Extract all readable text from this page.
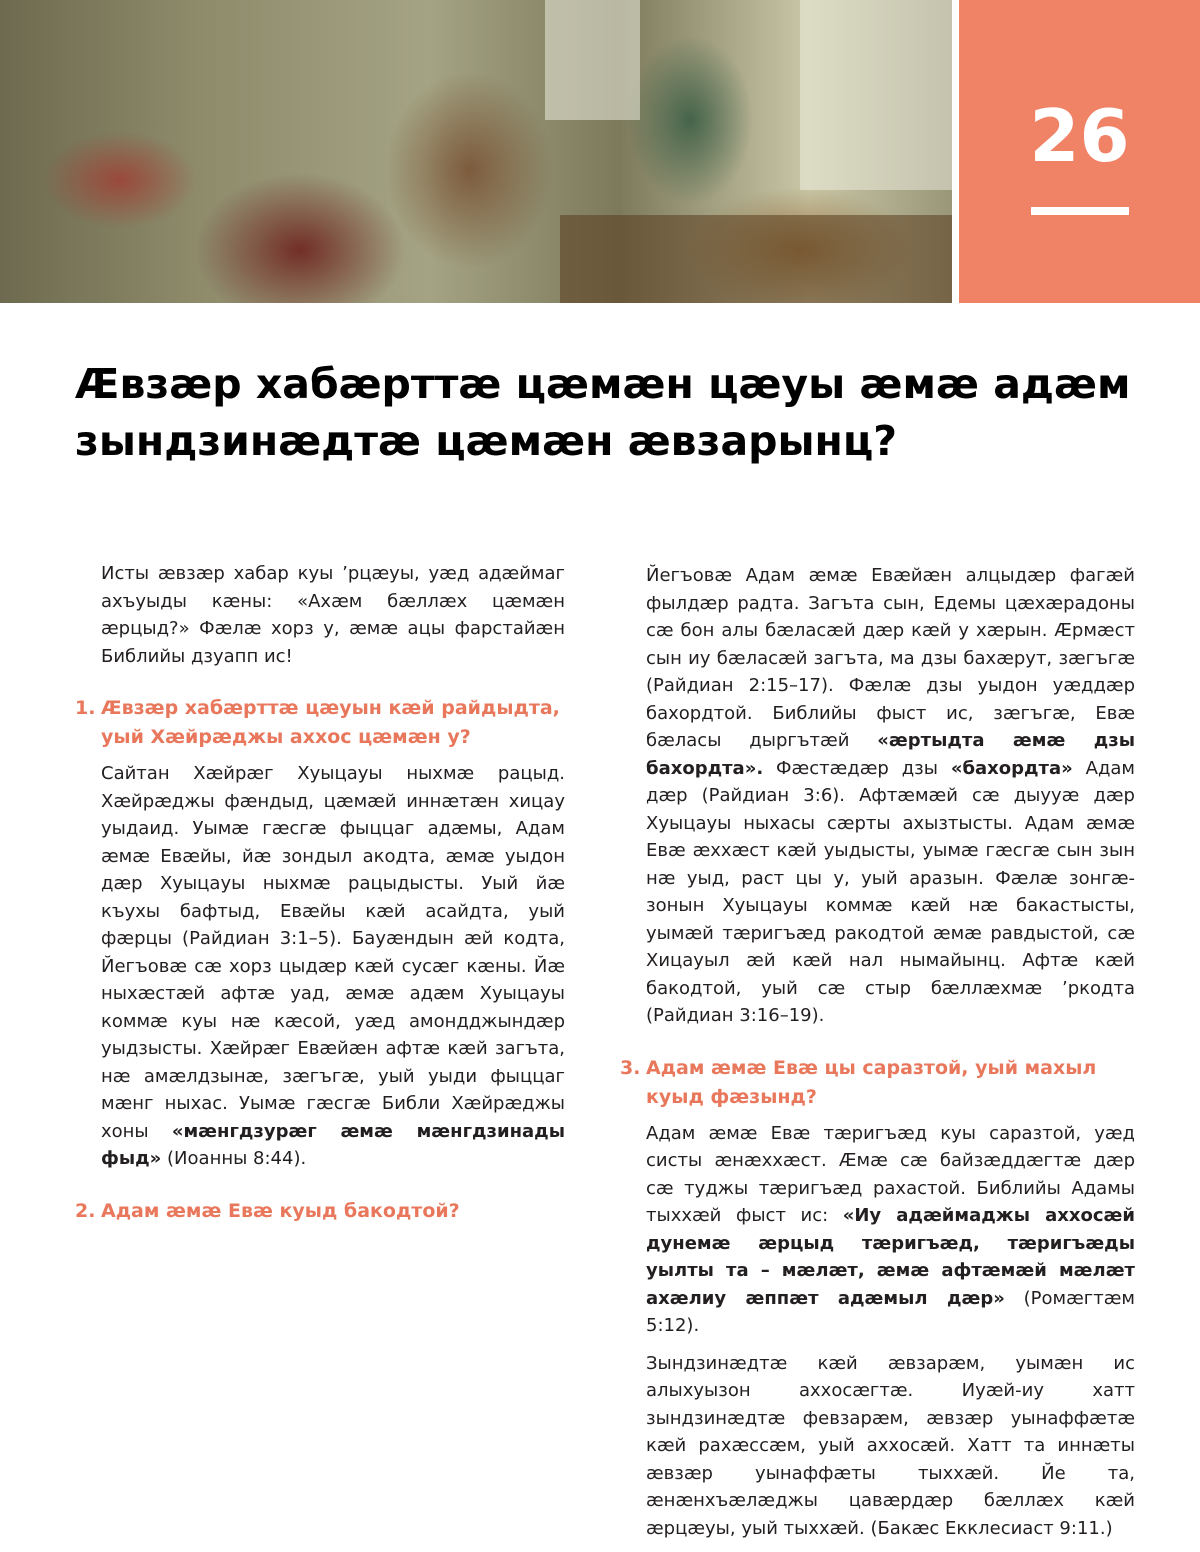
26
Æвзæр хабæрттæ цæмæн цæуы æмæ адæм зындзинæдтæ цæмæн æвзарынц?

Исты æвзæр хабар куы ’рцæуы, уæд адæймаг ахъуыды кæны: «Ахæм бæллæх цæмæн æрцыд?» Фæлæ хорз у, æмæ ацы фарстайæн Библийы дзуапп ис!

1. Æвзæр хабæрттæ цæуын кæй райдыдта, уый Хæйрæджы аххос цæмæн у?

Сайтан Хæйрæг Хуыцауы ныхмæ рацыд. Хæйрæджы фæндыд, цæмæй иннæтæн хицау уыдаид. Уымæ гæсгæ фыццаг адæмы, Адам æмæ Евæйы, йæ зондыл акодта, æмæ уыдон дæр Хуыцауы ныхмæ рацыдысты. Уый йæ къухы бафтыд, Евæйы кæй асайдта, уый фæрцы (Райдиан 3:1–5). Бауæндын æй кодта, Йегъовæ сæ хорз цыдæр кæй сусæг кæны. Йæ ныхæстæй афтæ уад, æмæ адæм Хуыцауы коммæ куы нæ кæсой, уæд амондджындæр уыдзысты. Хæйрæг Евæйæн афтæ кæй загъта, нæ амæлдзынæ, зæгъгæ, уый уыди фыццаг мæнг ныхас. Уымæ гæсгæ Библи Хæйрæджы хоны «мæнгдзурæг æмæ мæнгдзинады фыд» (Иоанны 8:44).

2. Адам æмæ Евæ куыд бакодтой?

Йегъовæ Адам æмæ Евæйæн алцыдæр фагæй фылдæр радта. Загъта сын, Едемы цæхæрадоны сæ бон алы бæласæй дæр кæй у хæрын. Æрмæст сын иу бæласæй загъта, ма дзы бахæрут, зæгъгæ (Райдиан 2:15–17). Фæлæ дзы уыдон уæддæр бахордтой. Библийы фыст ис, зæгъгæ, Евæ бæласы дыргътæй «æртыдта æмæ дзы бахордта». Фæстæдæр дзы «бахордта» Адам дæр (Райдиан 3:6). Афтæмæй сæ дыууæ дæр Хуыцауы ныхасы сæрты ахызтысты. Адам æмæ Евæ æххæст кæй уыдысты, уымæ гæсгæ сын зын нæ уыд, раст цы у, уый аразын. Фæлæ зонгæ-зонын Хуыцауы коммæ кæй нæ бакастысты, уымæй тæригъæд ракодтой æмæ равдыстой, сæ Хицауыл æй кæй нал нымайынц. Афтæ кæй бакодтой, уый сæ стыр бæллæхмæ ’ркодта (Райдиан 3:16–19).

3. Адам æмæ Евæ цы саразтой, уый махыл куыд фæзынд?

Адам æмæ Евæ тæригъæд куы саразтой, уæд систы æнæххæст. Æмæ сæ байзæддæгтæ дæр сæ туджы тæригъæд рахастой. Библийы Адамы тыххæй фыст ис: «Иу адæймаджы аххосæй дунемæ æрцыд тæригъæд, тæригъæды уылты та – мæлæт, æмæ афтæмæй мæлæт ахæлиу æппæт адæмыл дæр» (Ромæгтæм 5:12).

Зындзинæдтæ кæй æвзарæм, уымæн ис алыхуызон аххосæгтæ. Иуæй-иу хатт зындзинæдтæ февзарæм, æвзæр уынаффæтæ кæй рахæссæм, уый аххосæй. Хатт та иннæты æвзæр уынаффæты тыххæй. Йе та, æнæнхъæлæджы цавæрдæр бæллæх кæй æрцæуы, уый тыххæй. (Бакæс Екклесиаст 9:11.)
